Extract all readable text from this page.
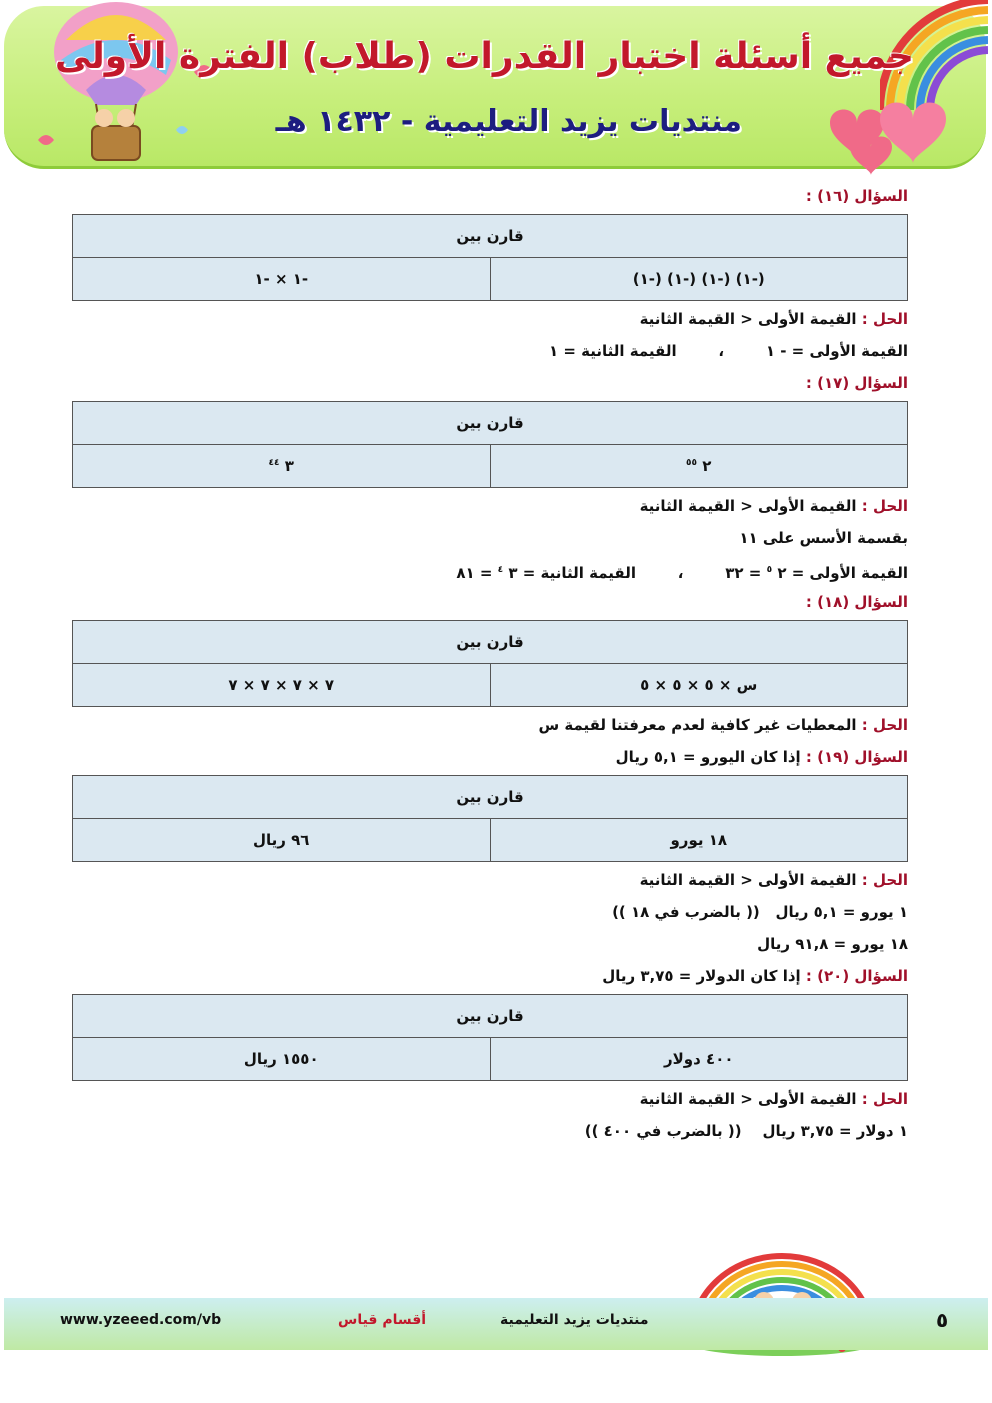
جميع أسئلة اختبار القدرات (طلاب) الفترة الأولى
منتديات يزيد التعليمية - ١٤٣٢ هـ
السؤال (١٦) :
قارن بين
(-١) (-١) (-١) (-١)	-١ × -١
الحل : القيمة الأولى < القيمة الثانية
القيمة الأولى = - ١        ،        القيمة الثانية = ١
السؤال (١٧) :
قارن بين
٢ $^{٥٥}$	٣ $^{٤٤}$
الحل : القيمة الأولى < القيمة الثانية
بقسمة الأسس على ١١
القيمة الأولى = ٢ $^٥$ = ٣٢        ،        القيمة الثانية = ٣ $^٤$ = ٨١
السؤال (١٨) :
قارن بين
س × ٥ × ٥ × ٥	٧ × ٧ × ٧ × ٧
الحل : المعطيات غير كافية لعدم معرفتنا لقيمة س
السؤال (١٩) : إذا كان اليورو = ٥,١ ريال
قارن بين
١٨ يورو	٩٦ ريال
الحل : القيمة الأولى < القيمة الثانية
١ يورو = ٥,١ ريال   (( بالضرب في ١٨ ))
١٨ يورو = ٩١,٨ ريال
السؤال (٢٠) : إذا كان الدولار = ٣,٧٥ ريال
قارن بين
٤٠٠ دولار	١٥٥٠ ريال
الحل : القيمة الأولى < القيمة الثانية
١ دولار = ٣,٧٥ ريال    (( بالضرب في ٤٠٠ ))
www.yzeeed.com/vb	أقسام قياس	منتديات يزيد التعليمية	٥
